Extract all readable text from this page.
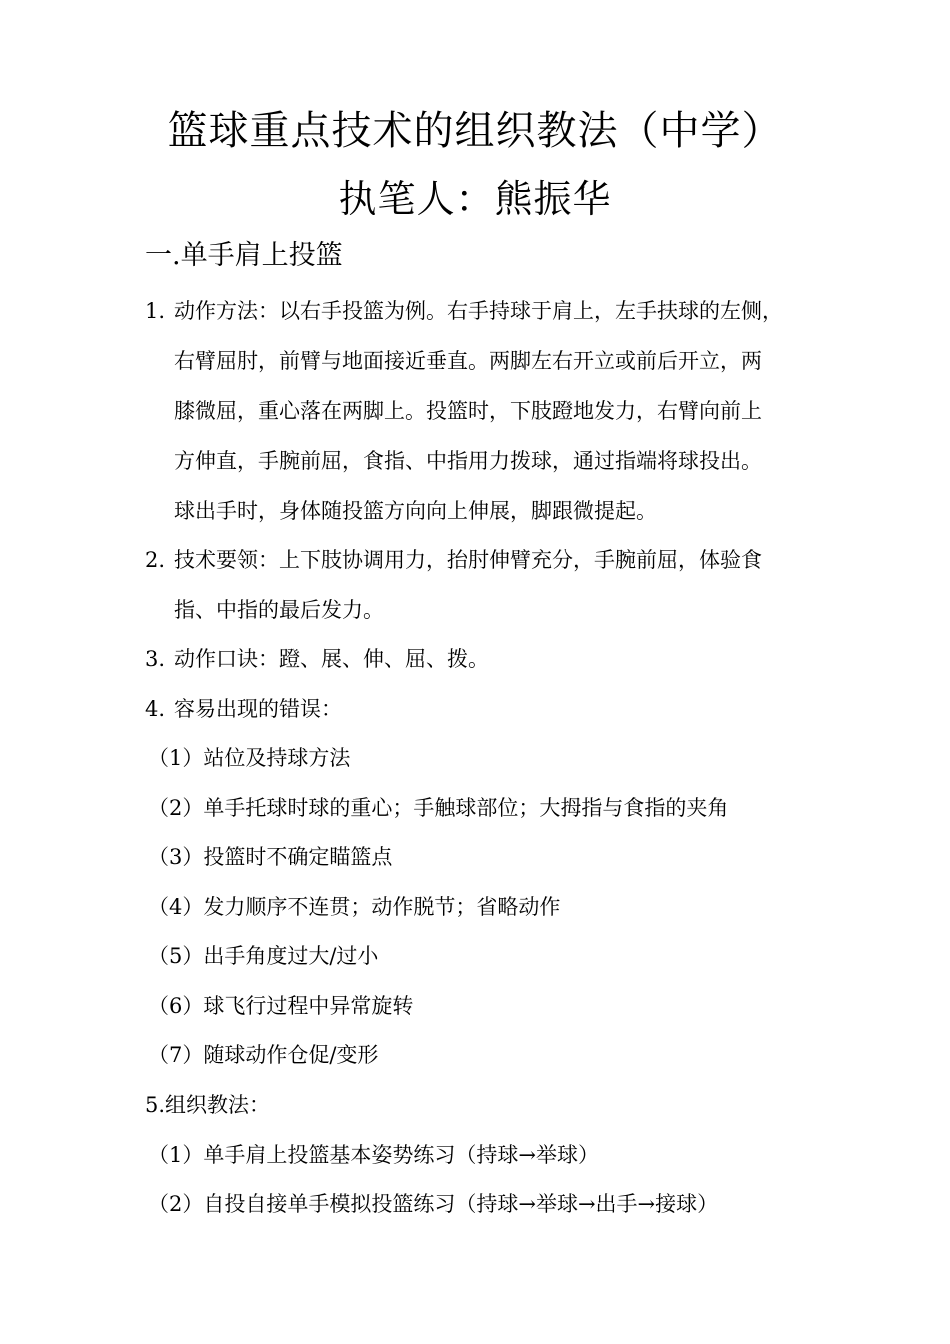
篮球重点技术的组织教法（中学）
执笔人：熊振华
一.单手肩上投篮
1. 动作方法：以右手投篮为例。右手持球于肩上，左手扶球的左侧，
右臂屈肘，前臂与地面接近垂直。两脚左右开立或前后开立，两
膝微屈，重心落在两脚上。投篮时，下肢蹬地发力，右臂向前上
方伸直，手腕前屈，食指、中指用力拨球，通过指端将球投出。
球出手时，身体随投篮方向向上伸展，脚跟微提起。
2. 技术要领：上下肢协调用力，抬肘伸臂充分，手腕前屈，体验食
指、中指的最后发力。
3. 动作口诀：蹬、展、伸、屈、拨。
4. 容易出现的错误：
（1）站位及持球方法
（2）单手托球时球的重心；手触球部位；大拇指与食指的夹角
（3）投篮时不确定瞄篮点
（4）发力顺序不连贯；动作脱节；省略动作
（5）出手角度过大/过小
（6）球飞行过程中异常旋转
（7）随球动作仓促/变形
5.组织教法：
（1）单手肩上投篮基本姿势练习（持球→举球）
（2）自投自接单手模拟投篮练习（持球→举球→出手→接球）
